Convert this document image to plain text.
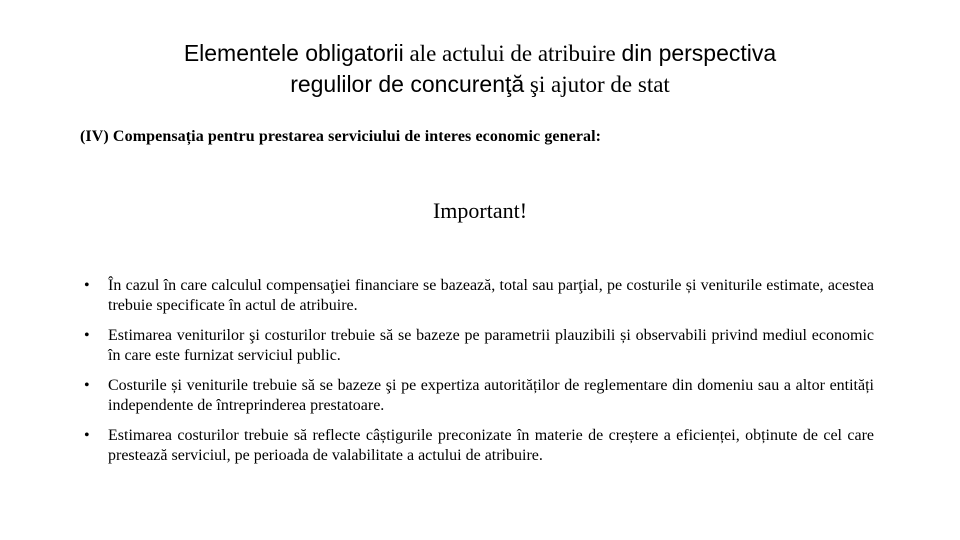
Elementele obligatorii ale actului de atribuire din perspectiva
regulilor de concurenţă şi ajutor de stat
(IV) Compensația pentru prestarea serviciului de interes economic general:
Important!
•	În cazul în care calculul compensaţiei financiare se bazează, total sau parţial, pe costurile și veniturile estimate, acestea trebuie specificate în actul de atribuire.
•	Estimarea veniturilor şi costurilor trebuie să se bazeze pe parametrii plauzibili și observabili privind mediul economic în care este furnizat serviciul public.
•	Costurile și veniturile trebuie să se bazeze şi pe expertiza autorităților de reglementare din domeniu sau a altor entități independente de întreprinderea prestatoare.
•	Estimarea costurilor trebuie să reflecte câștigurile preconizate în materie de creștere a eficienței, obținute de cel care prestează serviciul, pe perioada de valabilitate a actului de atribuire.
